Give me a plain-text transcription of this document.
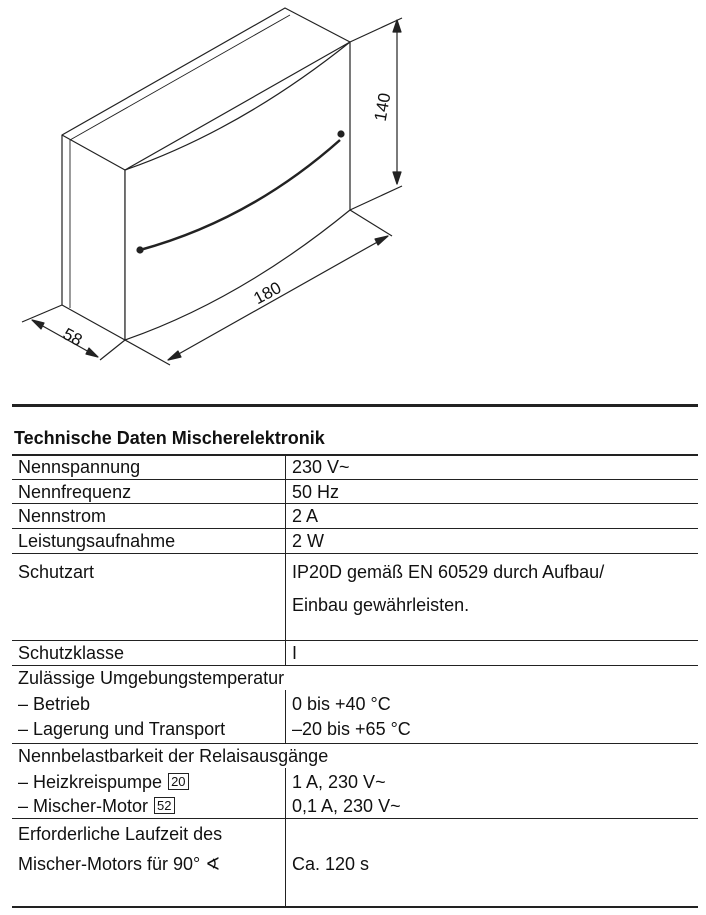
140
180
58
Technische Daten Mischerelektronik
Nennspannung	230 V~
Nennfrequenz	50 Hz
Nennstrom	2 A
Leistungsaufnahme	2 W
Schutzart	IP20D gemäß EN 60529 durch Aufbau/
Einbau gewährleisten.
Schutzklasse	I
Zulässige Umgebungstemperatur
– Betrieb	0 bis +40 °C
– Lagerung und Transport	–20 bis +65 °C
Nennbelastbarkeit der Relaisausgänge
– Heizkreispumpe 20	1 A, 230 V~
– Mischer-Motor 52	0,1 A, 230 V~
Erforderliche Laufzeit des
Mischer-Motors für 90° ∢	Ca. 120 s
